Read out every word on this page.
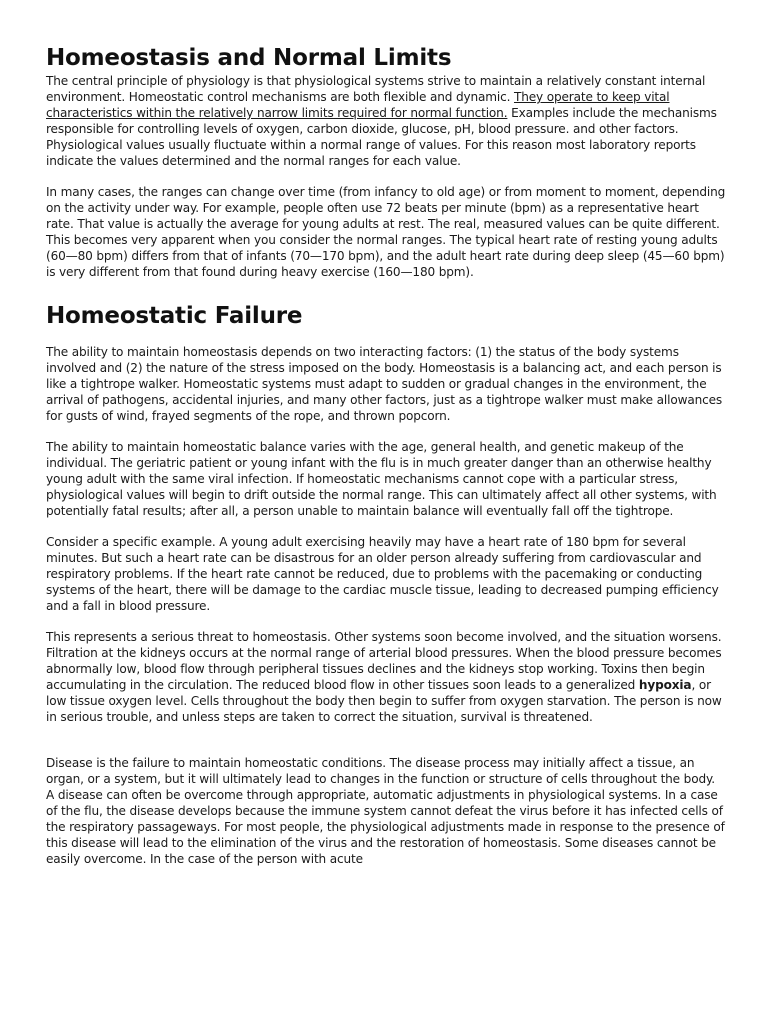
Homeostasis and Normal Limits

The central principle of physiology is that physiological systems strive to maintain a relatively constant internal environment. Homeostatic control mechanisms are both flexible and dynamic. They operate to keep vital characteristics within the relatively narrow limits required for normal function. Examples include the mechanisms responsible for controlling levels of oxygen, carbon dioxide, glucose, pH, blood pressure. and other factors. Physiological values usually fluctuate within a normal range of values. For this reason most laboratory reports indicate the values determined and the normal ranges for each value.

In many cases, the ranges can change over time (from infancy to old age) or from moment to moment, depending on the activity under way. For example, people often use 72 beats per minute (bpm) as a representative heart rate. That value is actually the average for young adults at rest. The real, measured values can be quite different. This becomes very apparent when you consider the normal ranges. The typical heart rate of resting young adults (60—80 bpm) differs from that of infants (70—170 bpm), and the adult heart rate during deep sleep (45—60 bpm) is very different from that found during heavy exercise (160—180 bpm).

Homeostatic Failure

The ability to maintain homeostasis depends on two interacting factors: (1) the status of the body systems involved and (2) the nature of the stress imposed on the body. Homeostasis is a balancing act, and each person is like a tightrope walker. Homeostatic systems must adapt to sudden or gradual changes in the environment, the arrival of pathogens, accidental injuries, and many other factors, just as a tightrope walker must make allowances for gusts of wind, frayed segments of the rope, and thrown popcorn.

The ability to maintain homeostatic balance varies with the age, general health, and genetic makeup of the individual. The geriatric patient or young infant with the flu is in much greater danger than an otherwise healthy young adult with the same viral infection. If homeostatic mechanisms cannot cope with a particular stress, physiological values will begin to drift outside the normal range. This can ultimately affect all other systems, with potentially fatal results; after all, a person unable to maintain balance will eventually fall off the tightrope.

Consider a specific example. A young adult exercising heavily may have a heart rate of 180 bpm for several minutes. But such a heart rate can be disastrous for an older person already suffering from cardiovascular and respiratory problems. If the heart rate cannot be reduced, due to problems with the pacemaking or conducting systems of the heart, there will be damage to the cardiac muscle tissue, leading to decreased pumping efficiency and a fall in blood pressure.

This represents a serious threat to homeostasis. Other systems soon become involved, and the situation worsens. Filtration at the kidneys occurs at the normal range of arterial blood pressures. When the blood pressure becomes abnormally low, blood flow through peripheral tissues declines and the kidneys stop working. Toxins then begin accumulating in the circulation. The reduced blood flow in other tissues soon leads to a generalized hypoxia, or low tissue oxygen level. Cells throughout the body then begin to suffer from oxygen starvation. The person is now in serious trouble, and unless steps are taken to correct the situation, survival is threatened.

Disease is the failure to maintain homeostatic conditions. The disease process may initially affect a tissue, an organ, or a system, but it will ultimately lead to changes in the function or structure of cells throughout the body. A disease can often be overcome through appropriate, automatic adjustments in physiological systems. In a case of the flu, the disease develops because the immune system cannot defeat the virus before it has infected cells of the respiratory passageways. For most people, the physiological adjustments made in response to the presence of this disease will lead to the elimination of the virus and the restoration of homeostasis. Some diseases cannot be easily overcome. In the case of the person with acute
